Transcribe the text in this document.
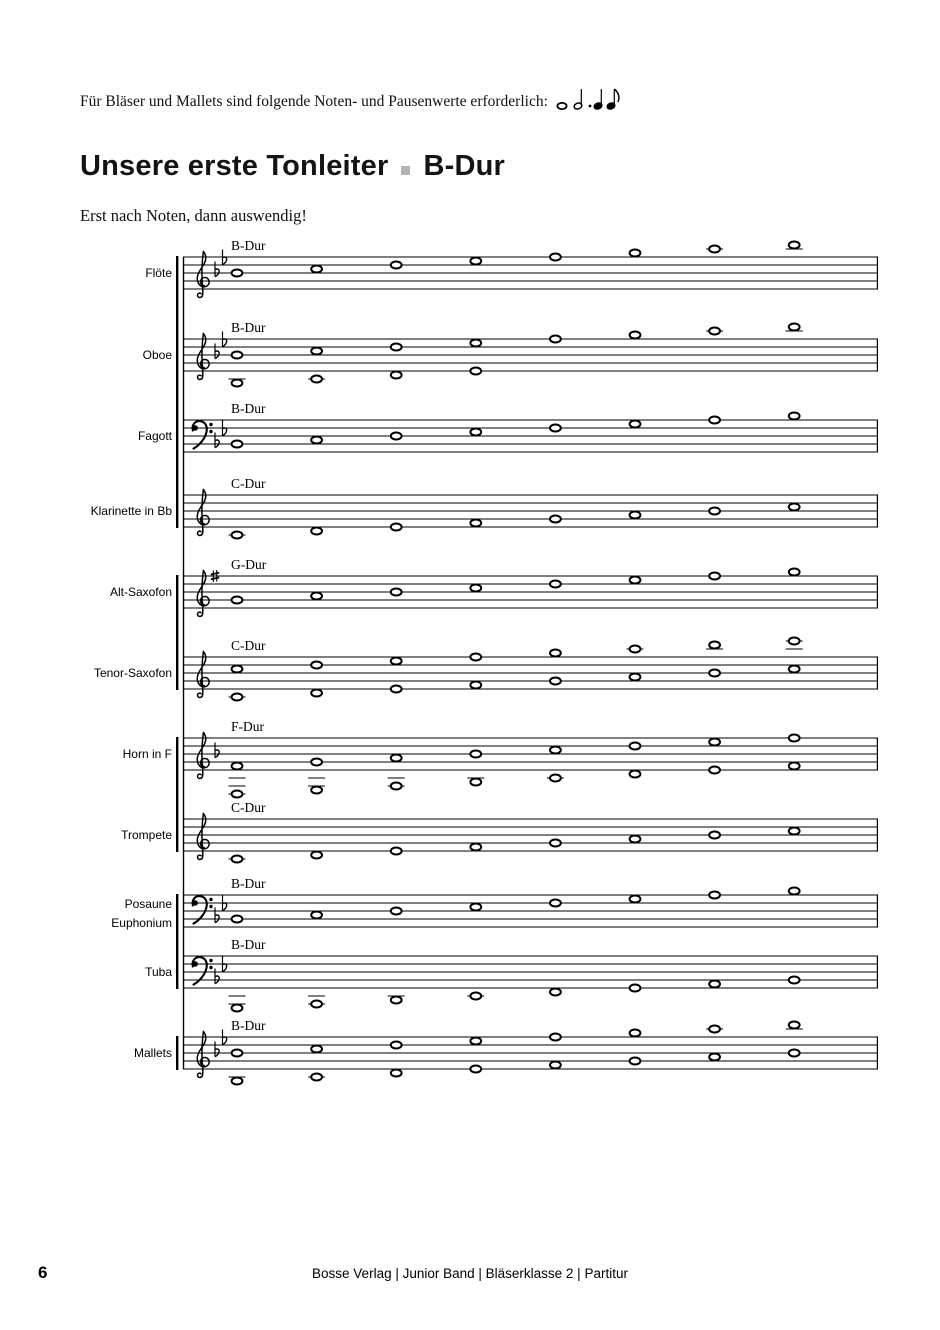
Für Bläser und Mallets sind folgende Noten- und Pausenwerte erforderlich:

Unsere erste Tonleiter B-Dur

Erst nach Noten, dann auswendig!

B-Dur
Flöte
B-Dur
Oboe
B-Dur
Fagott
C-Dur
Klarinette in Bb
G-Dur
Alt-Saxofon
C-Dur
Tenor-Saxofon
F-Dur
Horn in F
C-Dur
Trompete
B-Dur
Posaune
Euphonium
B-Dur
Tuba
B-Dur
Mallets
6	Bosse Verlag | Junior Band | Bläserklasse 2 | Partitur
